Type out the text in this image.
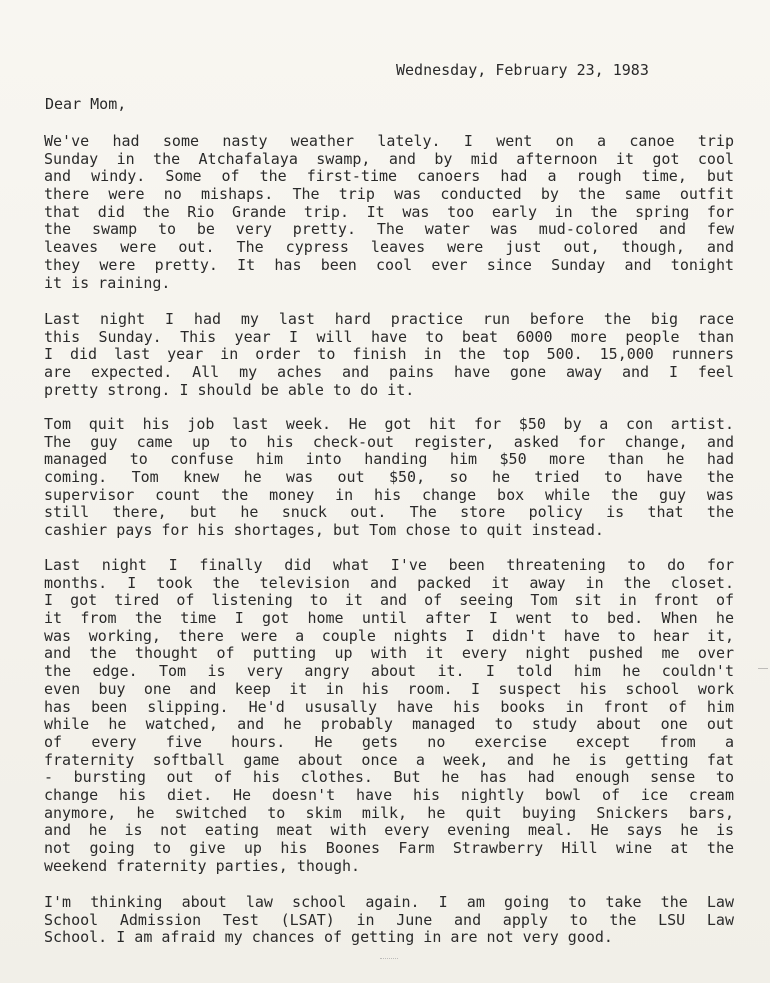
Wednesday, February 23, 1983
Dear Mom,
We've had some nasty weather lately. I went on a canoe trip
Sunday in the Atchafalaya swamp, and by mid afternoon it got cool
and windy. Some of the first-time canoers had a rough time, but
there were no mishaps. The trip was conducted by the same outfit
that did the Rio Grande trip. It was too early in the spring for
the swamp to be very pretty. The water was mud-colored and few
leaves were out. The cypress leaves were just out, though, and
they were pretty. It has been cool ever since Sunday and tonight
it is raining.
Last night I had my last hard practice run before the big race
this Sunday. This year I will have to beat 6000 more people than
I did last year in order to finish in the top 500. 15,000 runners
are expected. All my aches and pains have gone away and I feel
pretty strong. I should be able to do it.
Tom quit his job last week. He got hit for $50 by a con artist.
The guy came up to his check-out register, asked for change, and
managed to confuse him into handing him $50 more than he had
coming. Tom knew he was out $50, so he tried to have the
supervisor count the money in his change box while the guy was
still there, but he snuck out. The store policy is that the
cashier pays for his shortages, but Tom chose to quit instead.
Last night I finally did what I've been threatening to do for
months. I took the television and packed it away in the closet.
I got tired of listening to it and of seeing Tom sit in front of
it from the time I got home until after I went to bed. When he
was working, there were a couple nights I didn't have to hear it,
and the thought of putting up with it every night pushed me over
the edge. Tom is very angry about it. I told him he couldn't
even buy one and keep it in his room. I suspect his school work
has been slipping. He'd ususally have his books in front of him
while he watched, and he probably managed to study about one out
of every five hours. He gets no exercise except from a
fraternity softball game about once a week, and he is getting fat
- bursting out of his clothes. But he has had enough sense to
change his diet. He doesn't have his nightly bowl of ice cream
anymore, he switched to skim milk, he quit buying Snickers bars,
and he is not eating meat with every evening meal. He says he is
not going to give up his Boones Farm Strawberry Hill wine at the
weekend fraternity parties, though.
I'm thinking about law school again. I am going to take the Law
School Admission Test (LSAT) in June and apply to the LSU Law
School. I am afraid my chances of getting in are not very good.
